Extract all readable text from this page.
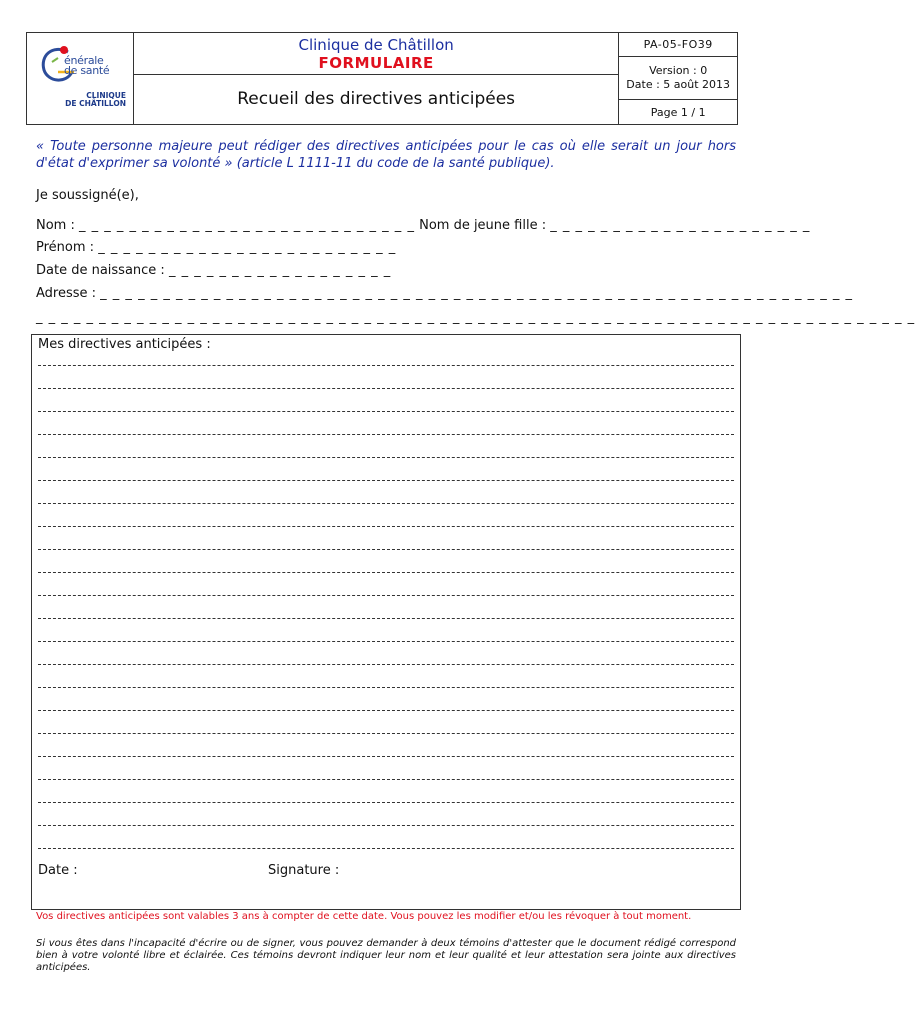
énérale
de santé
CLINIQUE
DE CHÂTILLON

Clinique de Châtillon
FORMULAIRE
Recueil des directives anticipées

PA-05-FO39
Version : 0
Date : 5 août 2013
Page 1 / 1

« Toute personne majeure peut rédiger des directives anticipées pour le cas où elle serait un jour hors d'état d'exprimer sa volonté » (article L 1111-11 du code de la santé publique).
Je soussigné(e),
Nom : _ _ _ _ _ _ _ _ _ _ _ _ _ _ _ _ _ _ _ _ _ _ _ _ _ _ _ Nom de jeune fille : _ _ _ _ _ _ _ _ _ _ _ _ _ _ _ _ _ _ _ _ _
Prénom : _ _ _ _ _ _ _ _ _ _ _ _ _ _ _ _ _ _ _ _ _ _ _ _
Date de naissance : _ _ _ _ _ _ _ _ _ _ _ _ _ _ _ _ _ _
Adresse : _ _ _ _ _ _ _ _ _ _ _ _ _ _ _ _ _ _ _ _ _ _ _ _ _ _ _ _ _ _ _ _ _ _ _ _ _ _ _ _ _ _ _ _ _ _ _ _ _ _ _ _ _ _ _ _ _ _ _ _
_ _ _ _ _ _ _ _ _ _ _ _ _ _ _ _ _ _ _ _ _ _ _ _ _ _ _ _ _ _ _ _ _ _ _ _ _ _ _ _ _ _ _ _ _ _ _ _ _ _ _ _ _ _ _ _ _ _ _ _ _ _ _ _ _ _ _ _ _ _
Mes directives anticipées :
Date :	Signature :
Vos directives anticipées sont valables 3 ans à compter de cette date. Vous pouvez les modifier et/ou les révoquer à tout moment.
Si vous êtes dans l'incapacité d'écrire ou de signer, vous pouvez demander à deux témoins d'attester que le document rédigé correspond bien à votre volonté libre et éclairée. Ces témoins devront indiquer leur nom et leur qualité et leur attestation sera jointe aux directives anticipées.
